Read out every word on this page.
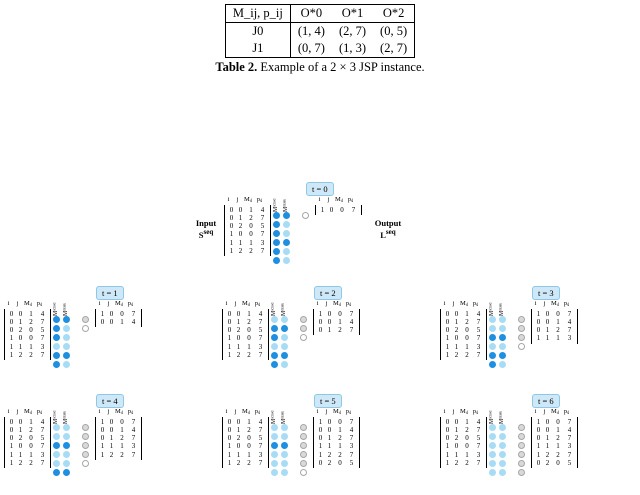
M_ij, p_ij	O*0	O*1	O*2
J0	(1, 4)	(2, 7)	(0, 5)
J1	(0, 7)	(1, 3)	(2, 7)
Table 2. Example of a 2 × 3 JSP instance.
Input
$S^{seq}$
i	j Mᵢⱼ pᵢⱼ
0 0	1	4
0 1	2	7
0 2	0	5
1 0	0	7
1 1	1	3
1 2	2	7
Mˢᶜʰᵉᵈ Mᵐᵃˢᵏ	i	j Mᵢⱼ pᵢⱼ
1 0	0	7
Output
$L^{seq}$
t = 0
i	j Mᵢⱼ pᵢⱼ
0 0	1	4
0 1	2	7
0 2	0	5
1 0	0	7
1 1	1	3
1 2	2	7
Mˢᶜʰᵉᵈ Mᵐᵃˢᵏ	i	j Mᵢⱼ pᵢⱼ
1 0	0	7
0 0	1	4
t = 1
i	j Mᵢⱼ pᵢⱼ
0 0	1	4
0 1	2	7
0 2	0	5
1 0	0	7
1 1	1	3
1 2	2	7
Mˢᶜʰᵉᵈ Mᵐᵃˢᵏ	i	j Mᵢⱼ pᵢⱼ
1 0	0	7
0 0	1	4
0 1	2	7
t = 2
i	j Mᵢⱼ pᵢⱼ
0 0	1	4
0 1	2	7
0 2	0	5
1 0	0	7
1 1	1	3
1 2	2	7
Mˢᶜʰᵉᵈ Mᵐᵃˢᵏ	i	j Mᵢⱼ pᵢⱼ
1 0	0	7
0 0	1	4
0 1	2	7
1 1	1	3
t = 3
i	j Mᵢⱼ pᵢⱼ
0 0	1	4
0 1	2	7
0 2	0	5
1 0	0	7
1 1	1	3
1 2	2	7
Mˢᶜʰᵉᵈ Mᵐᵃˢᵏ	i	j Mᵢⱼ pᵢⱼ
1 0	0	7
0 0	1	4
0 1	2	7
1 1	1	3
1 2	2	7
t = 4
i	j Mᵢⱼ pᵢⱼ
0 0	1	4
0 1	2	7
0 2	0	5
1 0	0	7
1 1	1	3
1 2	2	7
Mˢᶜʰᵉᵈ Mᵐᵃˢᵏ	i	j Mᵢⱼ pᵢⱼ
1 0	0	7
0 0	1	4
0 1	2	7
1 1	1	3
1 2	2	7
0 2	0	5
t = 5
i	j Mᵢⱼ pᵢⱼ
0 0	1	4
0 1	2	7
0 2	0	5
1 0	0	7
1 1	1	3
1 2	2	7
Mˢᶜʰᵉᵈ Mᵐᵃˢᵏ	i	j Mᵢⱼ pᵢⱼ
1 0	0	7
0 0	1	4
0 1	2	7
1 1	1	3
1 2	2	7
0 2	0	5
t = 6
